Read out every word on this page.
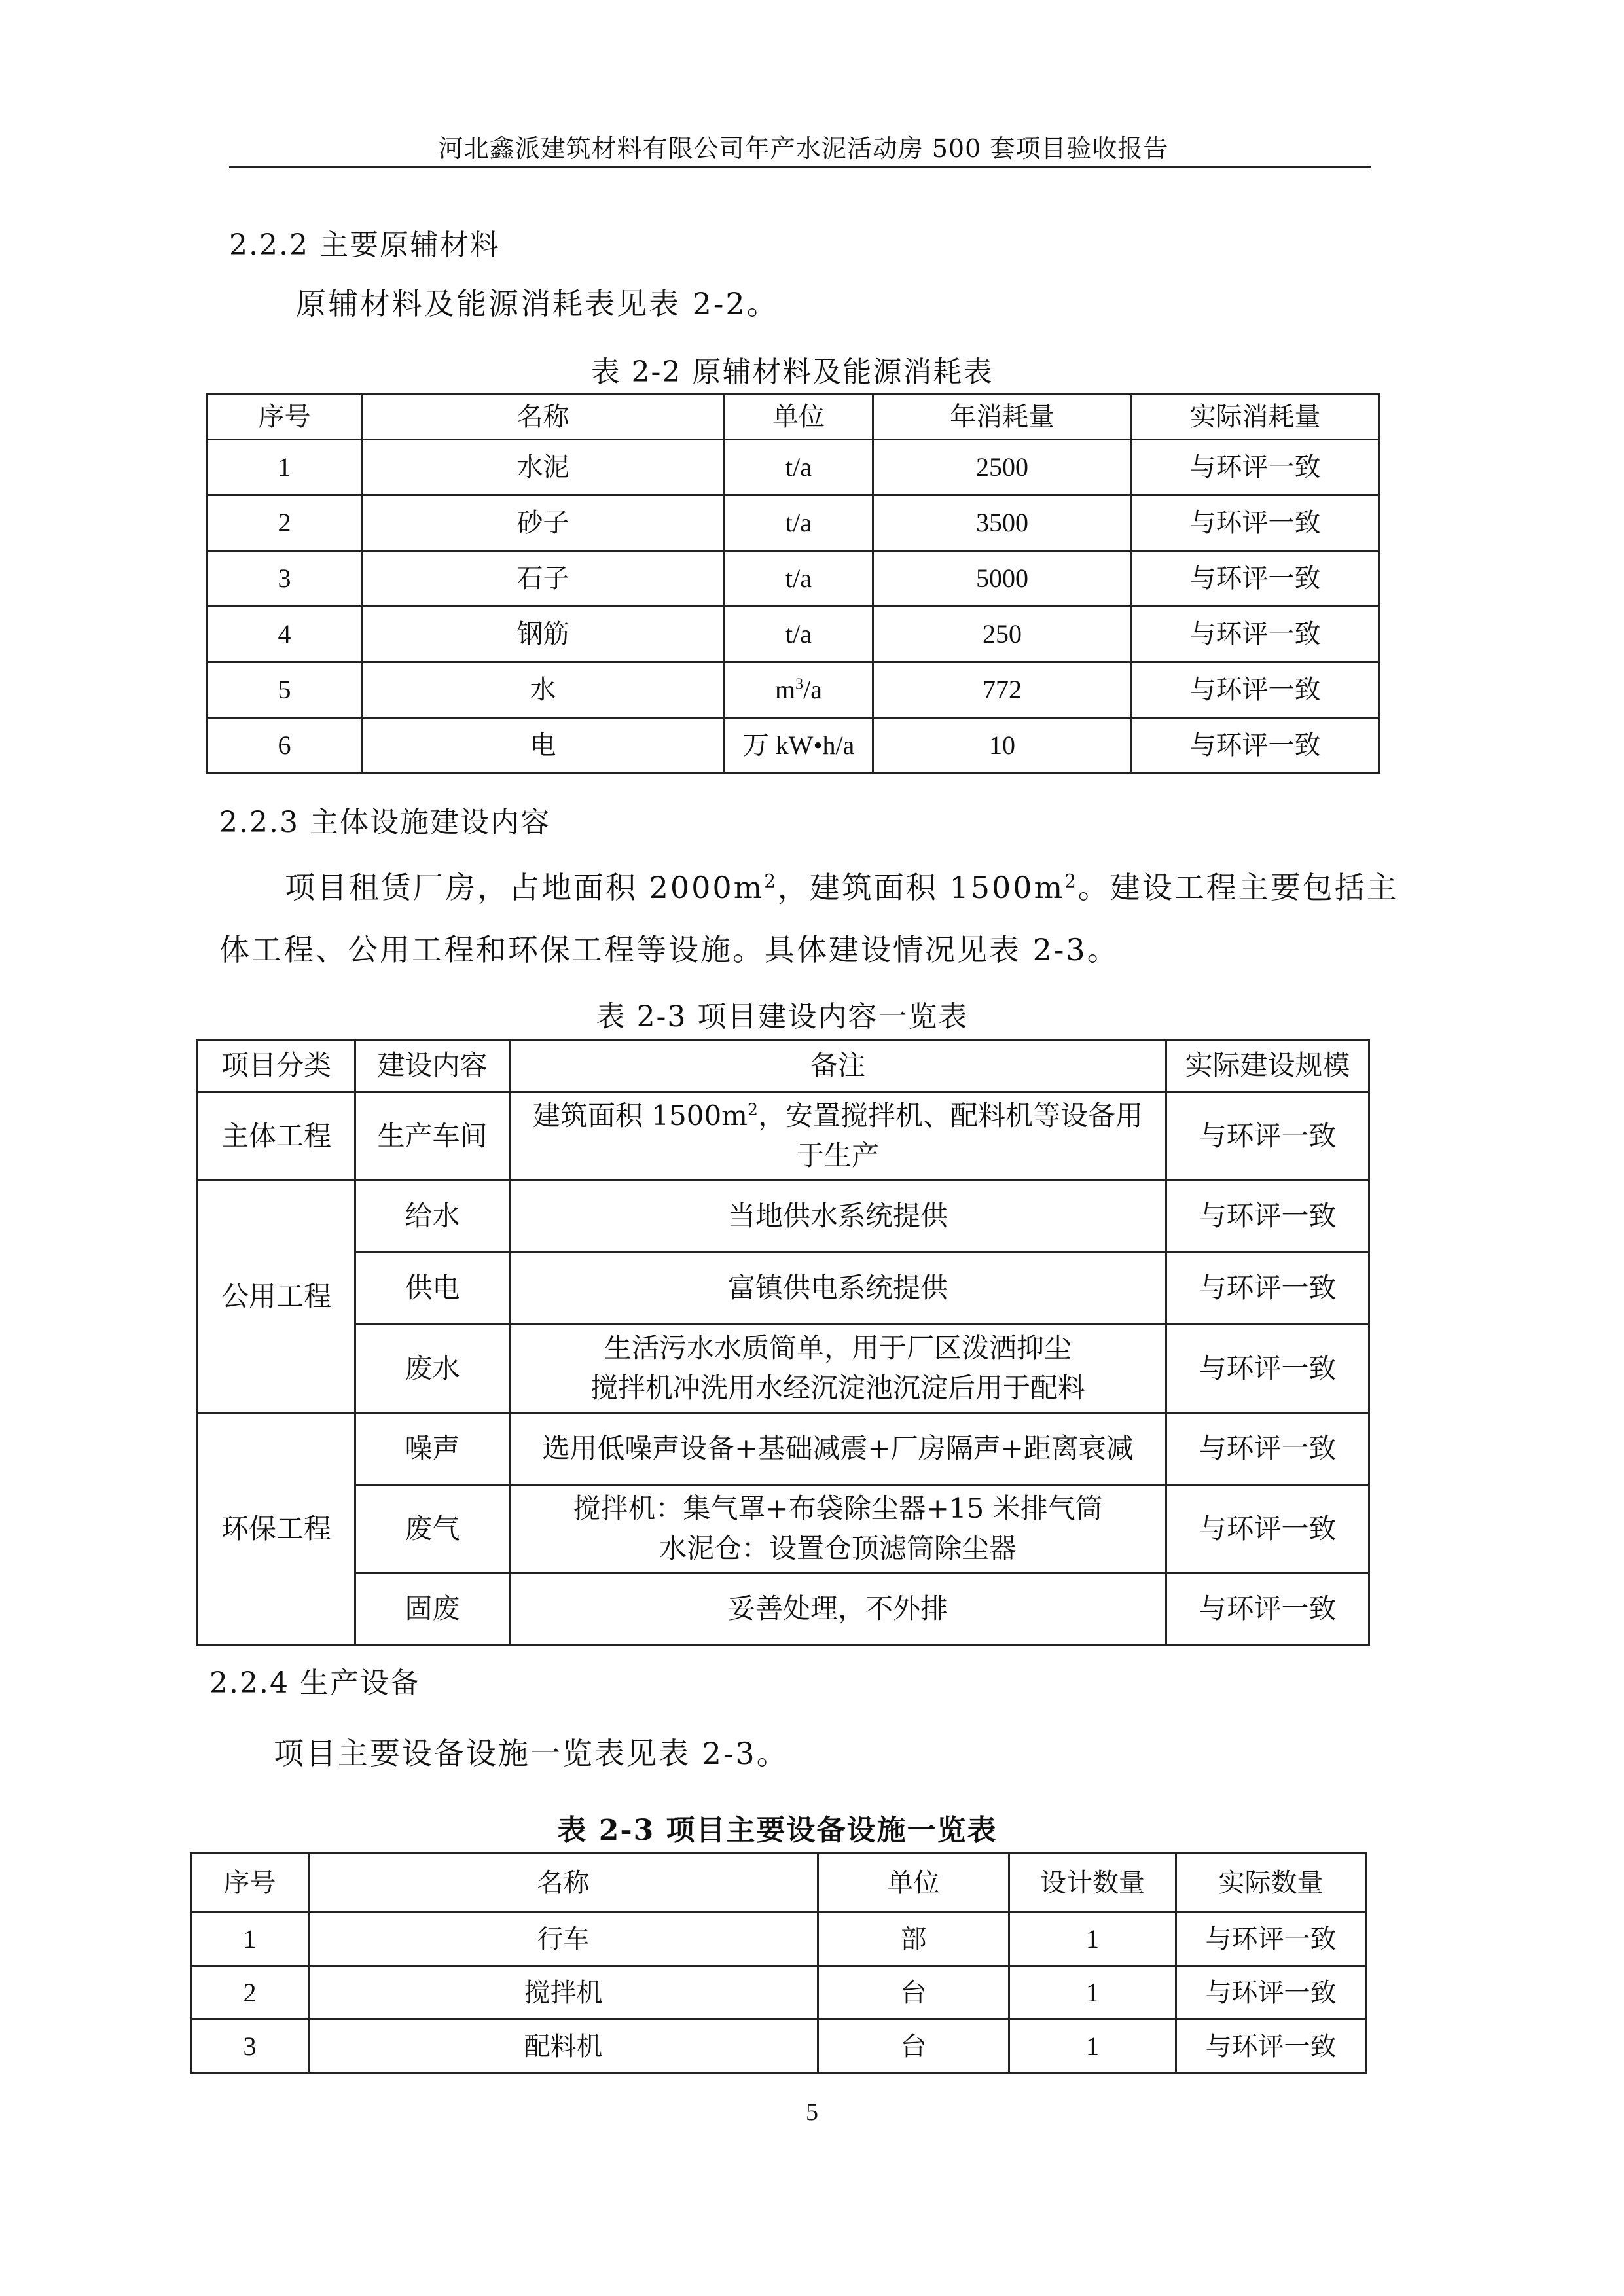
河北鑫派建筑材料有限公司年产水泥活动房 500 套项目验收报告
2.2.2 主要原辅材料
原辅材料及能源消耗表见表 2-2。
表 2-2 原辅材料及能源消耗表
序号	名称	单位	年消耗量	实际消耗量
1	水泥	t/a	2500	与环评一致
2	砂子	t/a	3500	与环评一致
3	石子	t/a	5000	与环评一致
4	钢筋	t/a	250	与环评一致
5	水	$m^3/a$	772	与环评一致
6	电	万 kW•h/a	10	与环评一致
2.2.3 主体设施建设内容
项目租赁厂房，占地面积 $2000m^2$，建筑面积 $1500m^2$。建设工程主要包括主
体工程、公用工程和环保工程等设施。具体建设情况见表 2-3。
表 2-3 项目建设内容一览表
项目分类	建设内容	备注	实际建设规模
主体工程	生产车间	建筑面积 $1500m^2$，安置搅拌机、配料机等设备用
于生产	与环评一致
公用工程	给水	当地供水系统提供	与环评一致
	供电	富镇供电系统提供	与环评一致
	废水	生活污水水质简单，用于厂区泼洒抑尘
搅拌机冲洗用水经沉淀池沉淀后用于配料	与环评一致
环保工程	噪声	选用低噪声设备+基础减震+厂房隔声+距离衰减	与环评一致
	废气	搅拌机：集气罩+布袋除尘器+15 米排气筒
水泥仓：设置仓顶滤筒除尘器	与环评一致
	固废	妥善处理，不外排	与环评一致
2.2.4 生产设备
项目主要设备设施一览表见表 2-3。
表 2-3 项目主要设备设施一览表
序号	名称	单位	设计数量	实际数量
1	行车	部	1	与环评一致
2	搅拌机	台	1	与环评一致
3	配料机	台	1	与环评一致
5
